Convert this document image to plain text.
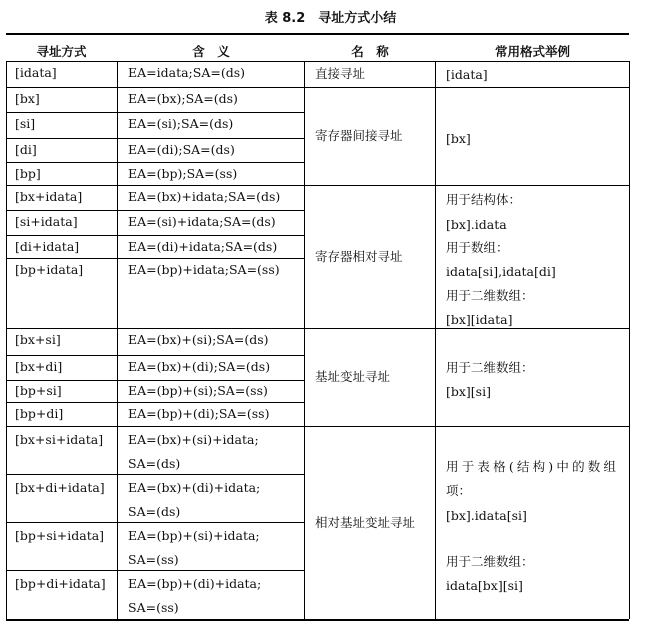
表 8.2　寻址方式小结
寻址方式	含　义	名　称	常用格式举例
[idata]	EA=idata;SA=(ds)	直接寻址	[idata]
[bx]	EA=(bx);SA=(ds)
[si]	EA=(si);SA=(ds)
[di]	EA=(di);SA=(ds)
[bp]	EA=(bp);SA=(ss)
寄存器间接寻址	[bx]
[bx+idata]	EA=(bx)+idata;SA=(ds)
[si+idata]	EA=(si)+idata;SA=(ds)
[di+idata]	EA=(di)+idata;SA=(ds)
[bp+idata]	EA=(bp)+idata;SA=(ss)
寄存器相对寻址
用于结构体：
[bx].idata
用于数组：
idata[si],idata[di]
用于二维数组：
[bx][idata]
[bx+si]	EA=(bx)+(si);SA=(ds)
[bx+di]	EA=(bx)+(di);SA=(ds)
[bp+si]	EA=(bp)+(si);SA=(ss)
[bp+di]	EA=(bp)+(di);SA=(ss)
基址变址寻址
用于二维数组：
[bx][si]
[bx+si+idata] EA=(bx)+(si)+idata;
SA=(ds)
[bx+di+idata] EA=(bx)+(di)+idata;
SA=(ds)
[bp+si+idata] EA=(bp)+(si)+idata;
SA=(ss)
[bp+di+idata] EA=(bp)+(di)+idata;
SA=(ss)
相对基址变址寻址
用于表格(结构)中的数组
项：
[bx].idata[si]
用于二维数组：
idata[bx][si]
